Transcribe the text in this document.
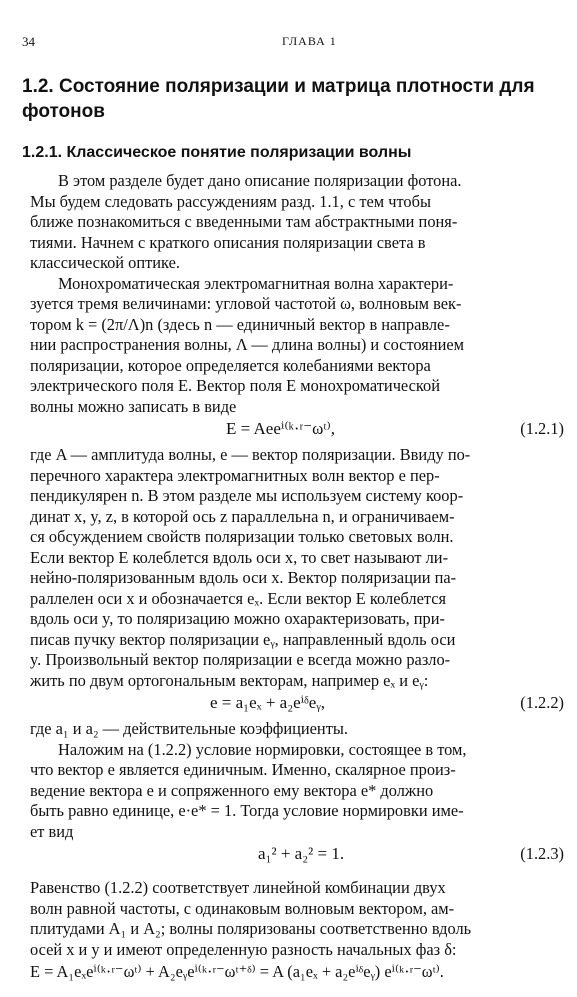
34	ГЛАВА 1
1.2. Состояние поляризации и матрица плотности для фотонов
1.2.1. Классическое понятие поляризации волны
В этом разделе будет дано описание поляризации фотона.
Мы будем следовать рассуждениям разд. 1.1, с тем чтобы
ближе познакомиться с введенными там абстрактными поня-
тиями. Начнем с краткого описания поляризации света в
классической оптике.
Монохроматическая электромагнитная волна характери-
зуется тремя величинами: угловой частотой ω, волновым век-
тором k = (2π/Λ)n (здесь n — единичный вектор в направле-
нии распространения волны, Λ — длина волны) и состоянием
поляризации, которое определяется колебаниями вектора
электрического поля E. Вектор поля E монохроматической
волны можно записать в виде
E = Aeeⁱ⁽ᵏ·ʳ⁻ωᵗ⁾,	(1.2.1)
где A — амплитуда волны, e — вектор поляризации. Ввиду по-
перечного характера электромагнитных волн вектор e пер-
пендикулярен n. В этом разделе мы используем систему коор-
динат x, y, z, в которой ось z параллельна n, и ограничиваем-
ся обсуждением свойств поляризации только световых волн.
Если вектор E колеблется вдоль оси x, то свет называют ли-
нейно-поляризованным вдоль оси x. Вектор поляризации па-
раллелен оси x и обозначается eₓ. Если вектор E колеблется
вдоль оси y, то поляризацию можно охарактеризовать, при-
писав пучку вектор поляризации eᵧ, направленный вдоль оси
y. Произвольный вектор поляризации e всегда можно разло-
жить по двум ортогональным векторам, например eₓ и eᵧ:
e = a₁eₓ + a₂eⁱᵟeᵧ,	(1.2.2)
где a₁ и a₂ — действительные коэффициенты.
Наложим на (1.2.2) условие нормировки, состоящее в том,
что вектор e является единичным. Именно, скалярное произ-
ведение вектора e и сопряженного ему вектора e* должно
быть равно единице, e·e* = 1. Тогда условие нормировки име-
ет вид
a₁² + a₂² = 1.	(1.2.3)
Равенство (1.2.2) соответствует линейной комбинации двух
волн равной частоты, с одинаковым волновым вектором, ам-
плитудами A₁ и A₂; волны поляризованы соответственно вдоль
осей x и y и имеют определенную разность начальных фаз δ:
E = A₁eₓeⁱ⁽ᵏ·ʳ⁻ωᵗ⁾ + A₂eᵧeⁱ⁽ᵏ·ʳ⁻ωᵗ⁺ᵟ⁾ = A (a₁eₓ + a₂eⁱᵟeᵧ) eⁱ⁽ᵏ·ʳ⁻ωᵗ⁾.
